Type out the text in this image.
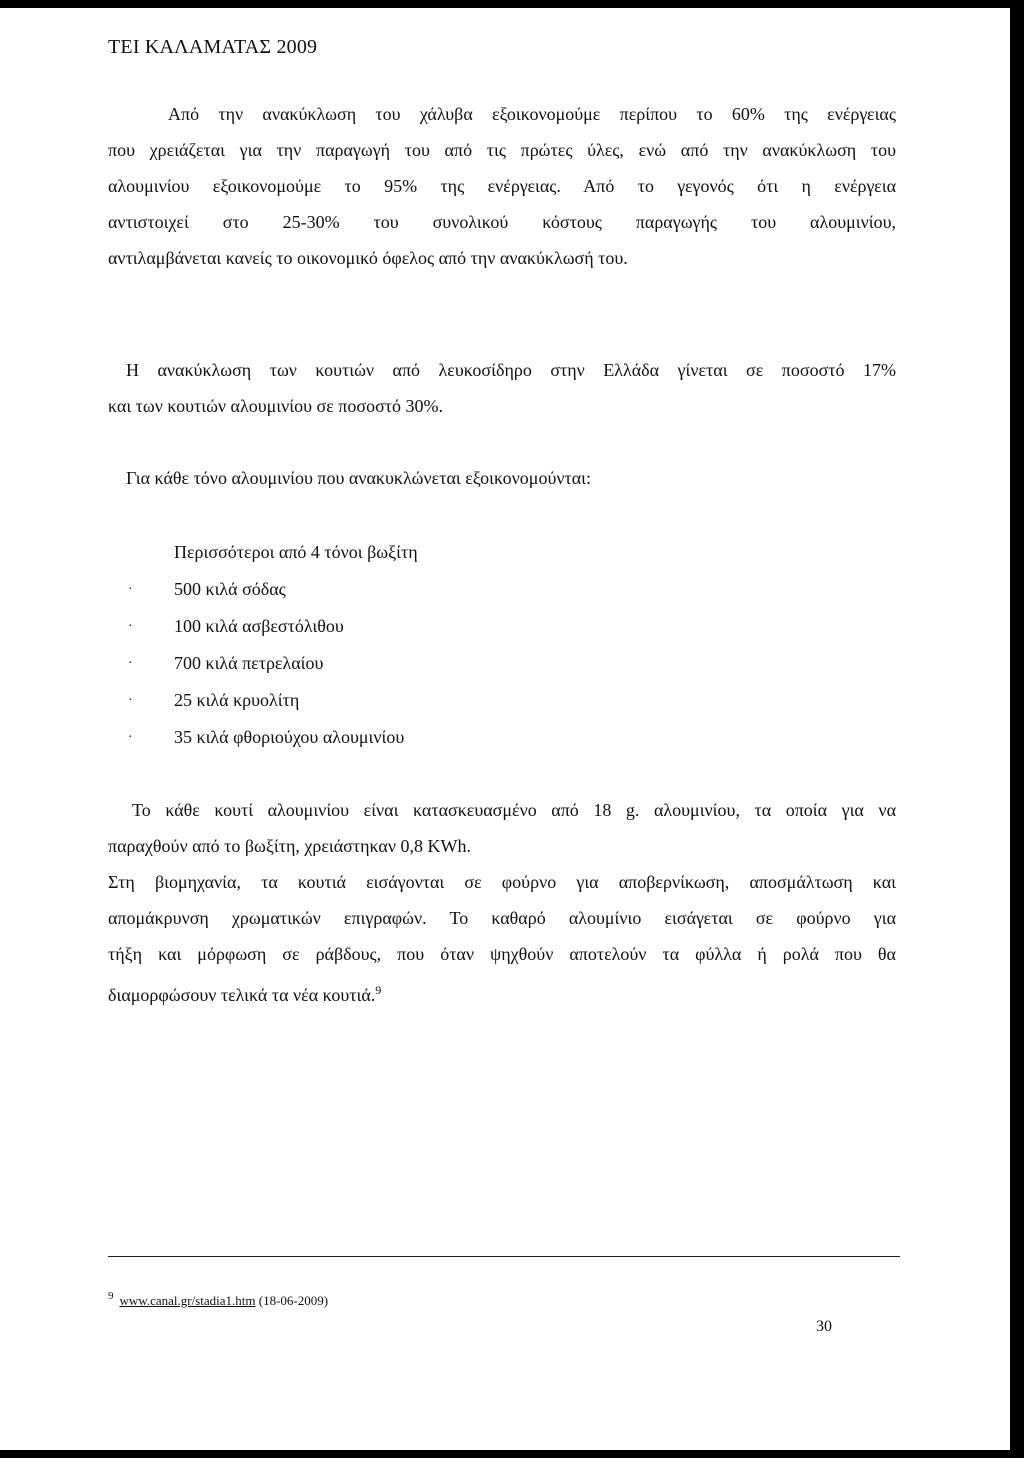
ΤΕΙ ΚΑΛΑΜΑΤΑΣ 2009

Από την ανακύκλωση του χάλυβα εξοικονομούμε περίπου το 60% της ενέργειας
που χρειάζεται για την παραγωγή του από τις πρώτες ύλες, ενώ από την ανακύκλωση του
αλουμινίου εξοικονομούμε το 95% της ενέργειας. Από το γεγονός ότι η ενέργεια
αντιστοιχεί στο 25-30% του συνολικού κόστους παραγωγής του αλουμινίου,
αντιλαμβάνεται κανείς το οικονομικό όφελος από την ανακύκλωσή του.

Η ανακύκλωση των κουτιών από λευκοσίδηρο στην Ελλάδα γίνεται σε ποσοστό 17%
και των κουτιών αλουμινίου σε ποσοστό 30%.

Για κάθε τόνο αλουμινίου που ανακυκλώνεται εξοικονομούνται:

Περισσότεροι από 4 τόνοι βωξίτη
· 500 κιλά σόδας
· 100 κιλά ασβεστόλιθου
· 700 κιλά πετρελαίου
· 25 κιλά κρυολίτη
· 35 κιλά φθοριούχου αλουμινίου

Το κάθε κουτί αλουμινίου είναι κατασκευασμένο από 18 g. αλουμινίου, τα οποία για να
παραχθούν από το βωξίτη, χρειάστηκαν 0,8 KWh.
Στη βιομηχανία, τα κουτιά εισάγονται σε φούρνο για αποβερνίκωση, αποσμάλτωση και
απομάκρυνση χρωματικών επιγραφών. Το καθαρό αλουμίνιο εισάγεται σε φούρνο για
τήξη και μόρφωση σε ράβδους, που όταν ψηχθούν αποτελούν τα φύλλα ή ρολά που θα
διαμορφώσουν τελικά τα νέα κουτιά.$^9$

$^9$ www.canal.gr/stadia1.htm (18-06-2009)
30
